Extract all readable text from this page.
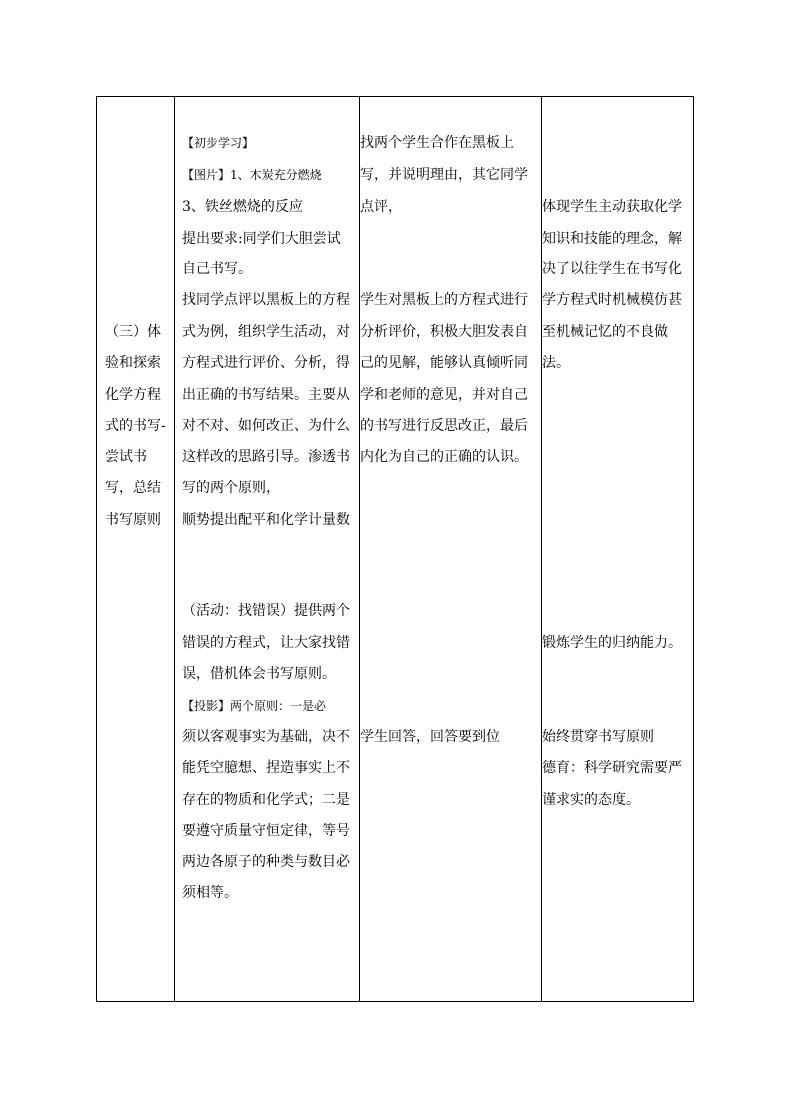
（三）体
验和探索
化学方程
式的书写-
尝试书
写，总结
书写原则
【初步学习】
【图片】1、木炭充分燃烧
3、铁丝燃烧的反应
提出要求:同学们大胆尝试
自己书写。
找同学点评以黑板上的方程
式为例，组织学生活动，对
方程式进行评价、分析，得
出正确的书写结果。主要从
对不对、如何改正、为什么
这样改的思路引导。渗透书
写的两个原则，
顺势提出配平和化学计量数
（活动：找错误）提供两个
错误的方程式，让大家找错
误，借机体会书写原则。
【投影】两个原则：一是必
须以客观事实为基础，决不
能凭空臆想、捏造事实上不
存在的物质和化学式；二是
要遵守质量守恒定律，等号
两边各原子的种类与数目必
须相等。
找两个学生合作在黑板上
写，并说明理由，其它同学
点评，
学生对黑板上的方程式进行
分析评价，积极大胆发表自
己的见解，能够认真倾听同
学和老师的意见，并对自己
的书写进行反思改正，最后
内化为自己的正确的认识。
学生回答，回答要到位
体现学生主动获取化学
知识和技能的理念，解
决了以往学生在书写化
学方程式时机械模仿甚
至机械记忆的不良做
法。
锻炼学生的归纳能力。
始终贯穿书写原则
德育：科学研究需要严
谨求实的态度。
